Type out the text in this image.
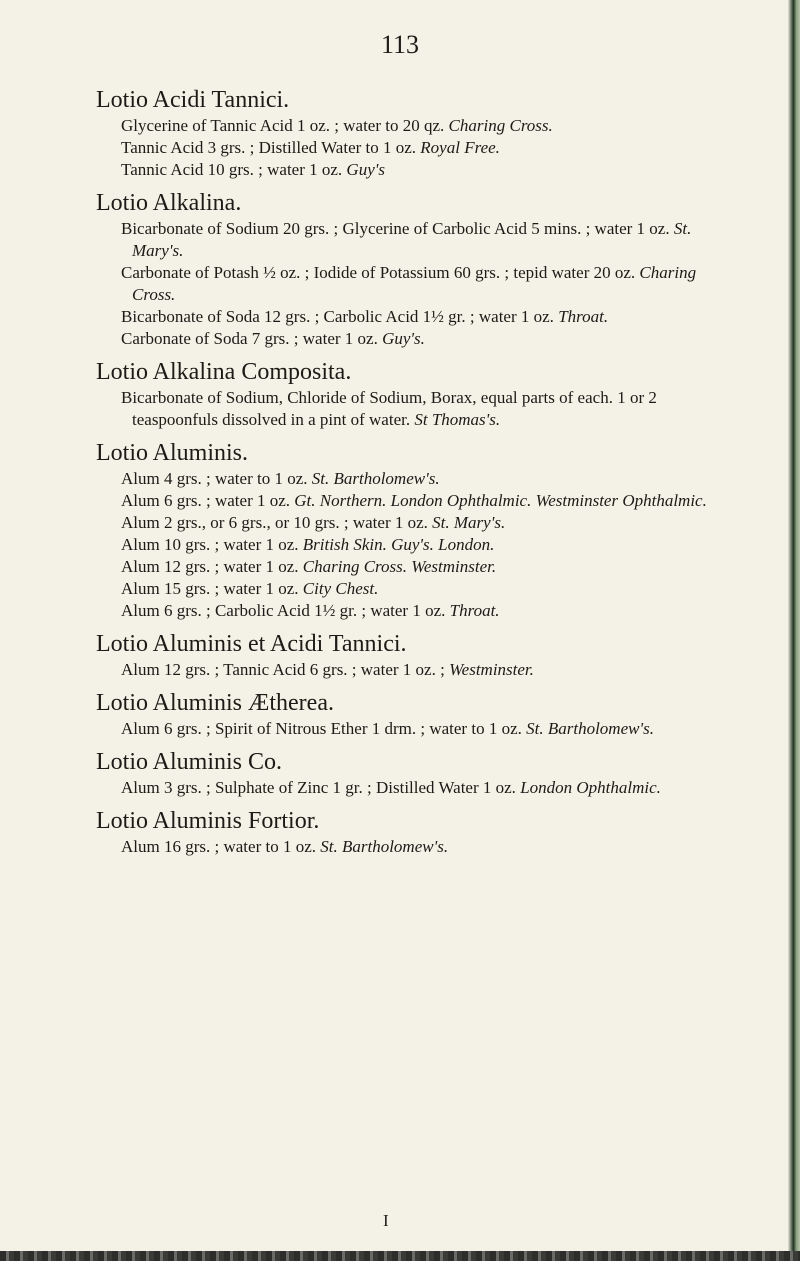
113
Lotio Acidi Tannici.
Glycerine of Tannic Acid 1 oz. ; water to 20 qz. Charing Cross.
Tannic Acid 3 grs. ; Distilled Water to 1 oz. Royal Free.
Tannic Acid 10 grs. ; water 1 oz. Guy's
Lotio Alkalina.
Bicarbonate of Sodium 20 grs. ; Glycerine of Carbolic Acid 5 mins. ; water 1 oz. St. Mary's.
Carbonate of Potash ½ oz. ; Iodide of Potassium 60 grs. ; tepid water 20 oz. Charing Cross.
Bicarbonate of Soda 12 grs. ; Carbolic Acid 1½ gr. ; water 1 oz. Throat.
Carbonate of Soda 7 grs. ; water 1 oz. Guy's.
Lotio Alkalina Composita.
Bicarbonate of Sodium, Chloride of Sodium, Borax, equal parts of each. 1 or 2 teaspoonfuls dissolved in a pint of water. St Thomas's.
Lotio Aluminis.
Alum 4 grs. ; water to 1 oz. St. Bartholomew's.
Alum 6 grs. ; water 1 oz. Gt. Northern. London Ophthalmic. Westminster Ophthalmic.
Alum 2 grs., or 6 grs., or 10 grs. ; water 1 oz. St. Mary's.
Alum 10 grs. ; water 1 oz. British Skin. Guy's. London.
Alum 12 grs. ; water 1 oz. Charing Cross. Westminster.
Alum 15 grs. ; water 1 oz. City Chest.
Alum 6 grs. ; Carbolic Acid 1½ gr. ; water 1 oz. Throat.
Lotio Aluminis et Acidi Tannici.
Alum 12 grs. ; Tannic Acid 6 grs. ; water 1 oz. ; Westminster.
Lotio Aluminis Ætherea.
Alum 6 grs. ; Spirit of Nitrous Ether 1 drm. ; water to 1 oz. St. Bartholomew's.
Lotio Aluminis Co.
Alum 3 grs. ; Sulphate of Zinc 1 gr. ; Distilled Water 1 oz. London Ophthalmic.
Lotio Aluminis Fortior.
Alum 16 grs. ; water to 1 oz. St. Bartholomew's.
I
